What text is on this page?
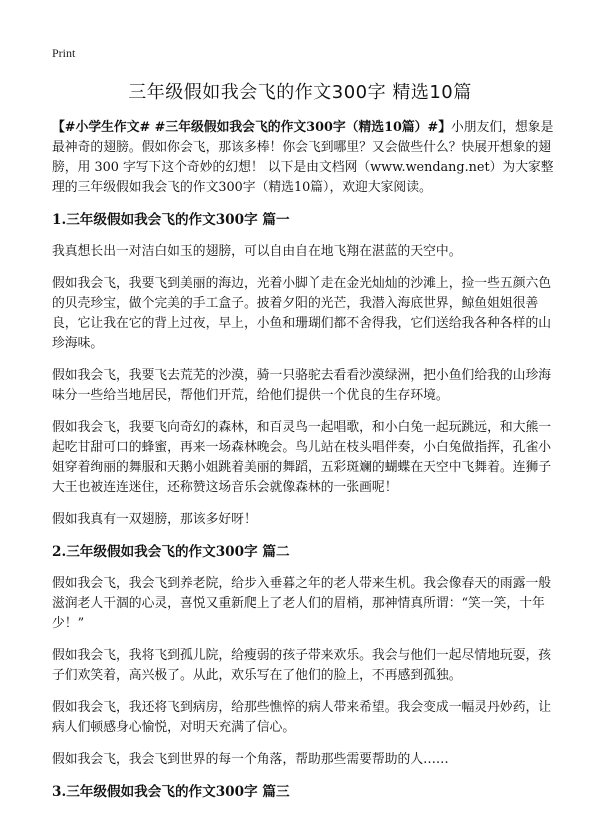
Print
三年级假如我会飞的作文300字 精选10篇

【#小学生作文# #三年级假如我会飞的作文300字（精选10篇）#】小朋友们，想象是最神奇的翅膀。假如你会飞，那该多棒！你会飞到哪里？又会做些什么？快展开想象的翅膀，用 300 字写下这个奇妙的幻想！ 以下是由文档网（www.wendang.net）为大家整理的三年级假如我会飞的作文300字（精选10篇），欢迎大家阅读。

1.三年级假如我会飞的作文300字 篇一

我真想长出一对洁白如玉的翅膀，可以自由自在地飞翔在湛蓝的天空中。

假如我会飞，我要飞到美丽的海边，光着小脚丫走在金光灿灿的沙滩上，捡一些五颜六色的贝壳珍宝，做个完美的手工盒子。披着夕阳的光芒，我潜入海底世界，鲸鱼姐姐很善良，它让我在它的背上过夜，早上，小鱼和珊瑚们都不舍得我，它们送给我各种各样的山珍海味。

假如我会飞，我要飞去荒芜的沙漠，骑一只骆驼去看看沙漠绿洲，把小鱼们给我的山珍海味分一些给当地居民，帮他们开荒，给他们提供一个优良的生存环境。

假如我会飞，我要飞向奇幻的森林，和百灵鸟一起唱歌，和小白兔一起玩跳远，和大熊一起吃甘甜可口的蜂蜜，再来一场森林晚会。鸟儿站在枝头唱伴奏，小白兔做指挥，孔雀小姐穿着绚丽的舞服和天鹅小姐跳着美丽的舞蹈，五彩斑斓的蝴蝶在天空中飞舞着。连狮子大王也被连连迷住，还称赞这场音乐会就像森林的一张画呢！

假如我真有一双翅膀，那该多好呀！

2.三年级假如我会飞的作文300字 篇二

假如我会飞，我会飞到养老院，给步入垂暮之年的老人带来生机。我会像春天的雨露一般滋润老人干涸的心灵，喜悦又重新爬上了老人们的眉梢，那神情真所谓：“笑一笑，十年少！”

假如我会飞，我将飞到孤儿院，给瘦弱的孩子带来欢乐。我会与他们一起尽情地玩耍，孩子们欢笑着，高兴极了。从此，欢乐写在了他们的脸上，不再感到孤独。

假如我会飞，我还将飞到病房，给那些憔悴的病人带来希望。我会变成一幅灵丹妙药，让病人们顿感身心愉悦，对明天充满了信心。

假如我会飞，我会飞到世界的每一个角落，帮助那些需要帮助的人……

3.三年级假如我会飞的作文300字 篇三
